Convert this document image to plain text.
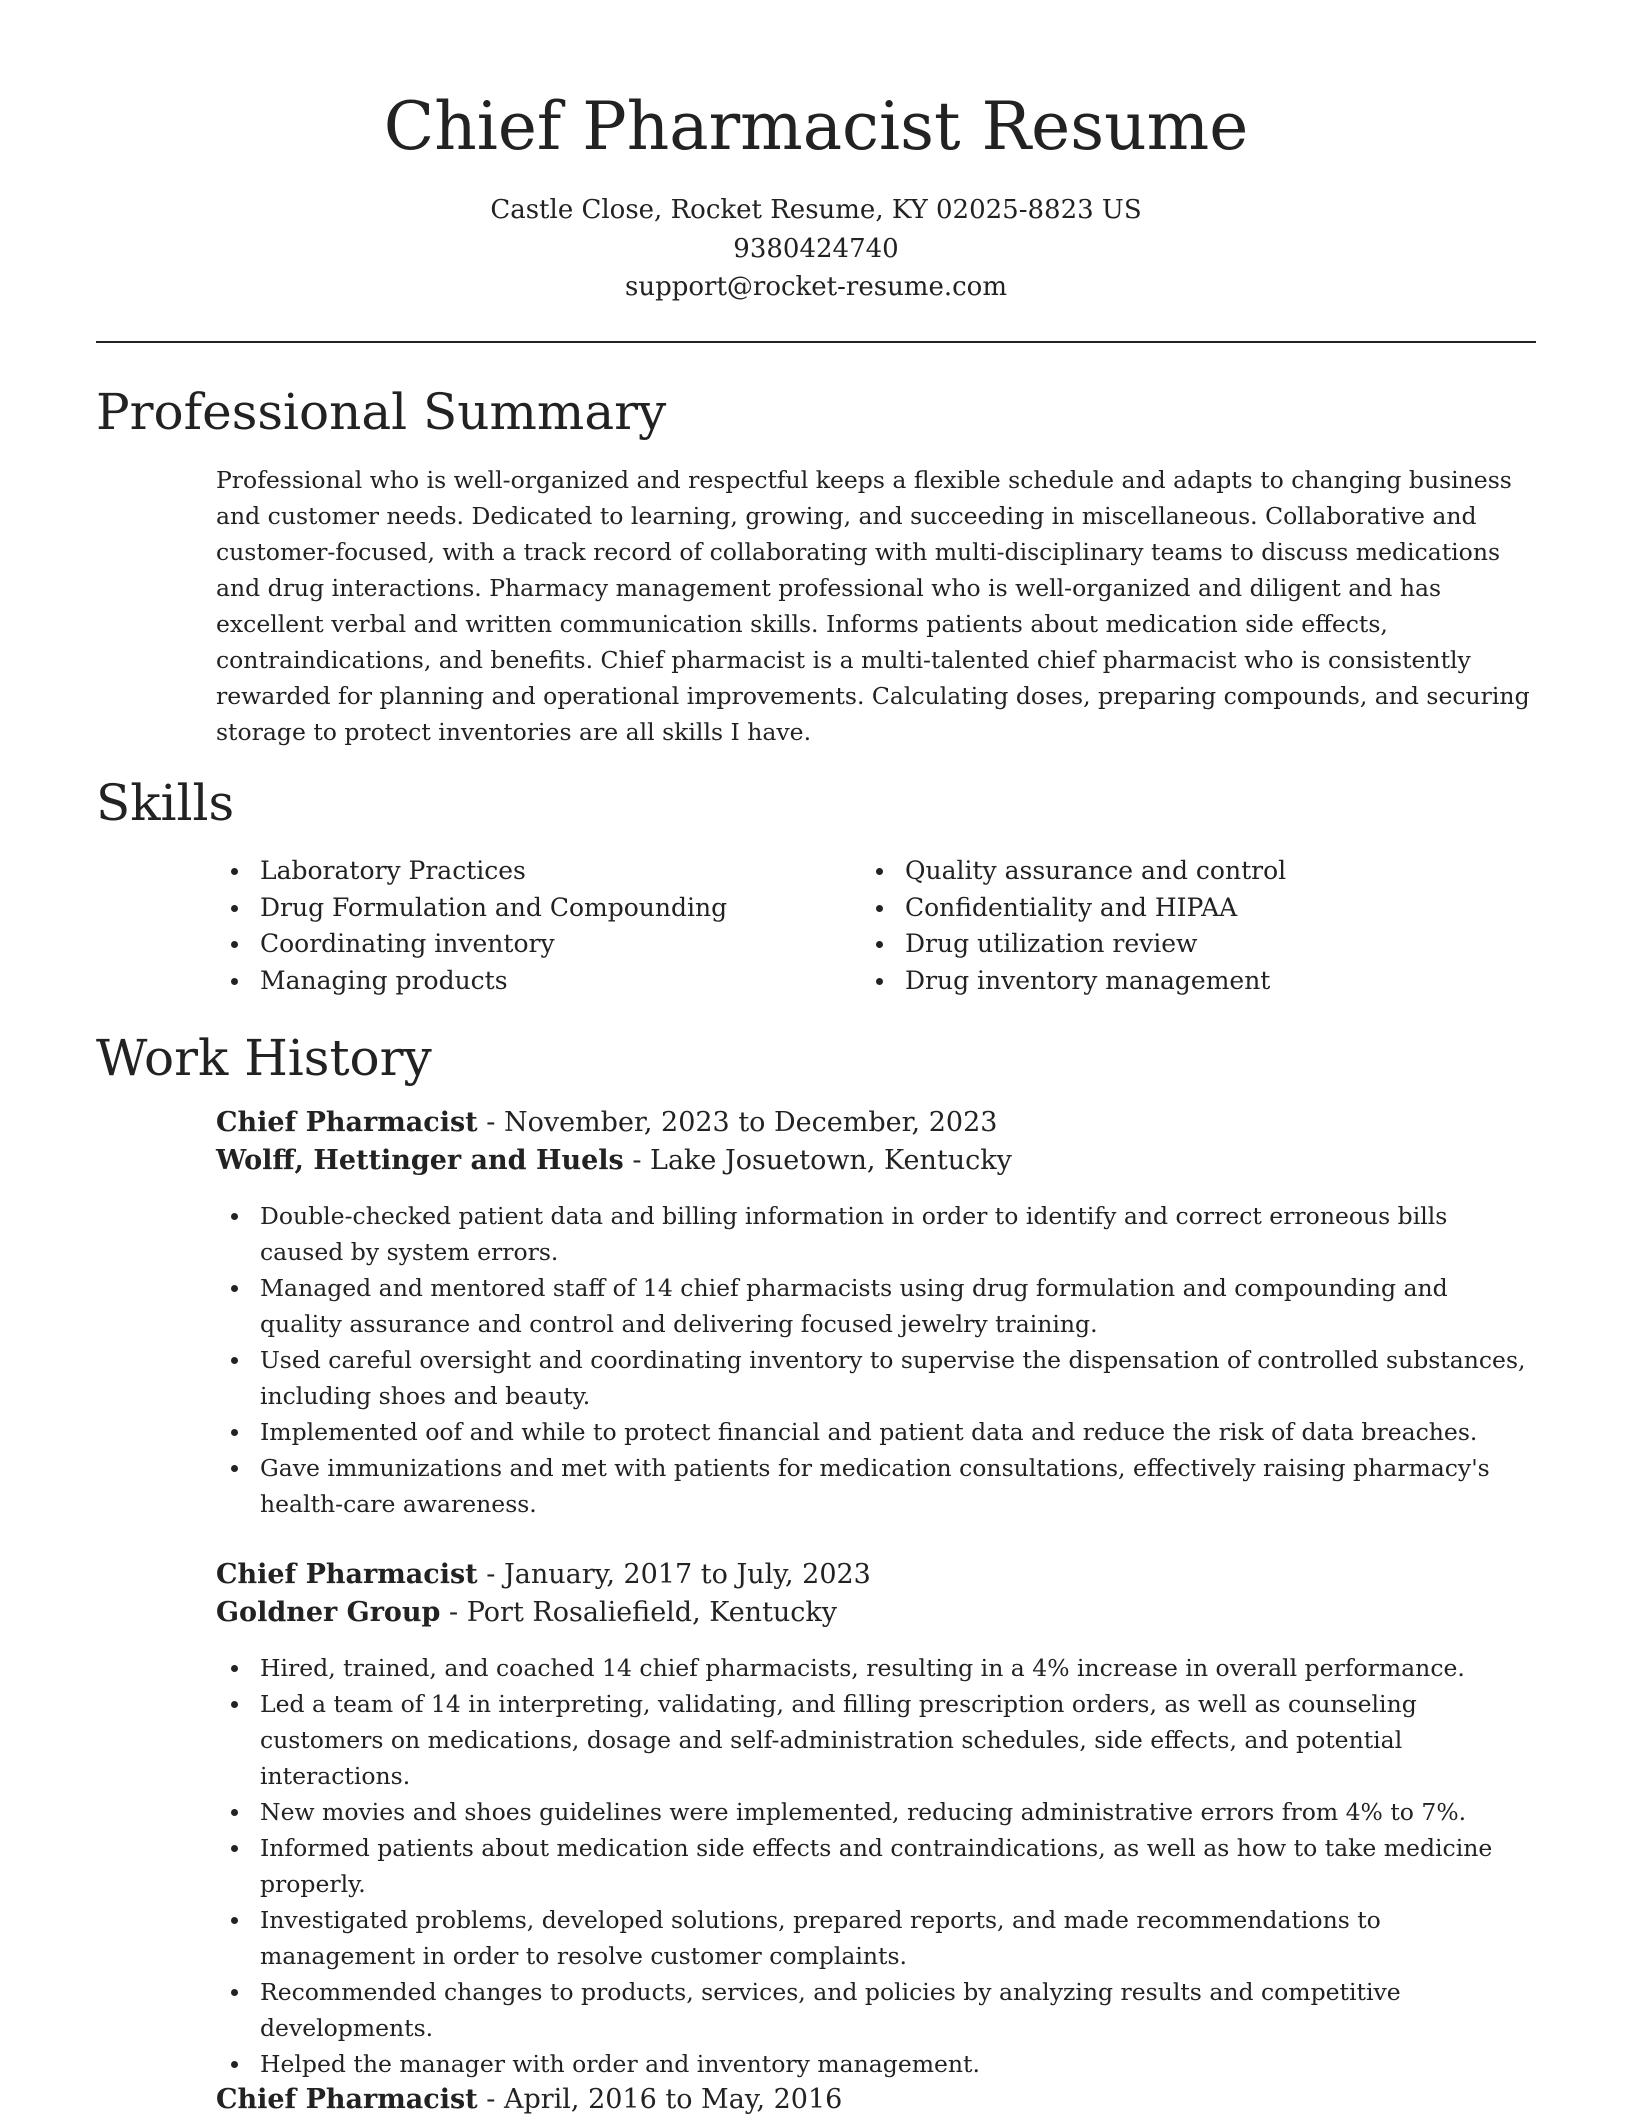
Chief Pharmacist Resume
Castle Close, Rocket Resume, KY 02025-8823 US
9380424740
support@rocket-resume.com
Professional Summary

Professional who is well-organized and respectful keeps a flexible schedule and adapts to changing business and customer needs. Dedicated to learning, growing, and succeeding in miscellaneous. Collaborative and customer-focused, with a track record of collaborating with multi-disciplinary teams to discuss medications and drug interactions. Pharmacy management professional who is well-organized and diligent and has excellent verbal and written communication skills. Informs patients about medication side effects, contraindications, and benefits. Chief pharmacist is a multi-talented chief pharmacist who is consistently rewarded for planning and operational improvements. Calculating doses, preparing compounds, and securing storage to protect inventories are all skills I have.

Skills
Laboratory Practices
Drug Formulation and Compounding
Coordinating inventory
Managing products
Quality assurance and control
Confidentiality and HIPAA
Drug utilization review
Drug inventory management
Work History
Chief Pharmacist - November, 2023 to December, 2023
Wolff, Hettinger and Huels - Lake Josuetown, Kentucky
Double-checked patient data and billing information in order to identify and correct erroneous bills caused by system errors.
Managed and mentored staff of 14 chief pharmacists using drug formulation and compounding and quality assurance and control and delivering focused jewelry training.
Used careful oversight and coordinating inventory to supervise the dispensation of controlled substances, including shoes and beauty.
Implemented oof and while to protect financial and patient data and reduce the risk of data breaches.
Gave immunizations and met with patients for medication consultations, effectively raising pharmacy's health-care awareness.
Chief Pharmacist - January, 2017 to July, 2023
Goldner Group - Port Rosaliefield, Kentucky
Hired, trained, and coached 14 chief pharmacists, resulting in a 4% increase in overall performance.
Led a team of 14 in interpreting, validating, and filling prescription orders, as well as counseling customers on medications, dosage and self-administration schedules, side effects, and potential interactions.
New movies and shoes guidelines were implemented, reducing administrative errors from 4% to 7%.
Informed patients about medication side effects and contraindications, as well as how to take medicine properly.
Investigated problems, developed solutions, prepared reports, and made recommendations to management in order to resolve customer complaints.
Recommended changes to products, services, and policies by analyzing results and competitive developments.
Helped the manager with order and inventory management.
Chief Pharmacist - April, 2016 to May, 2016
